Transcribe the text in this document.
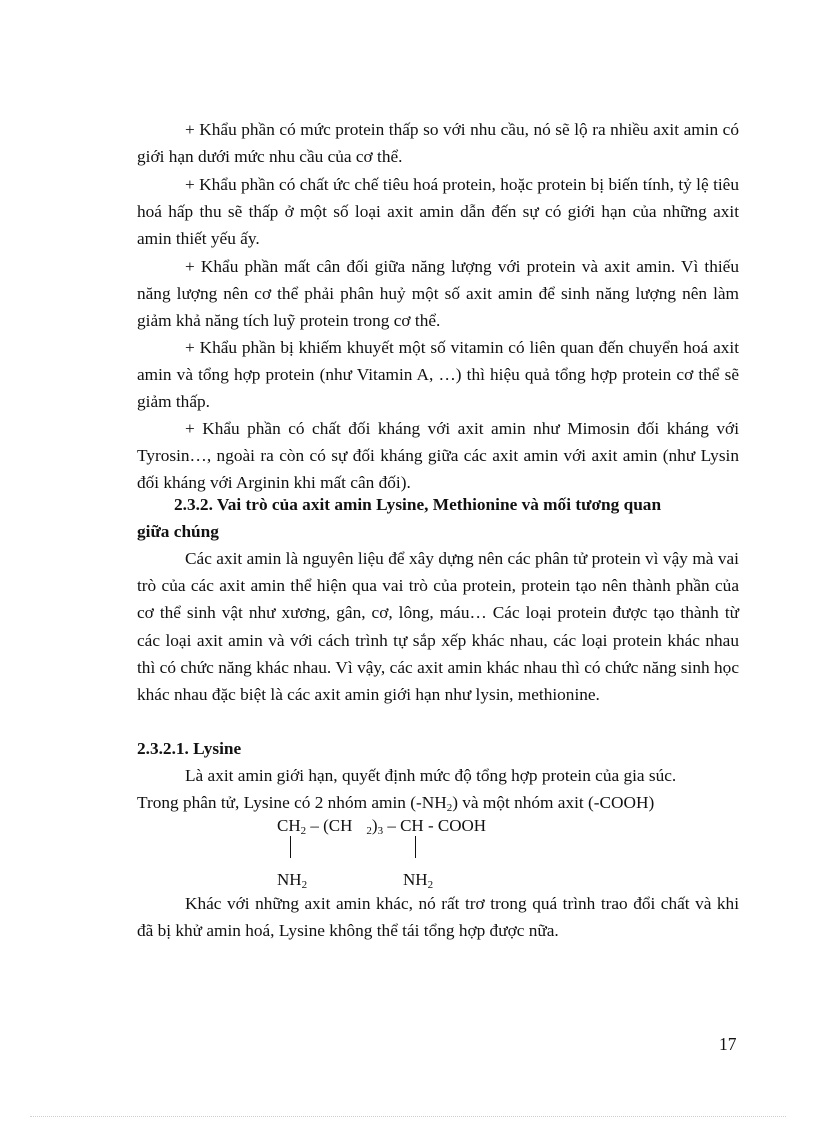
+ Khẩu phần có mức protein thấp so với nhu cầu, nó sẽ lộ ra nhiều axit amin có giới hạn dưới mức nhu cầu của cơ thể.

+ Khẩu phần có chất ức chế tiêu hoá protein, hoặc protein bị biến tính, tỷ lệ tiêu hoá hấp thu sẽ thấp ở một số loại axit amin dẫn đến sự có giới hạn của những axit amin thiết yếu ấy.

+ Khẩu phần mất cân đối giữa năng lượng với protein và axit amin. Vì thiếu năng lượng nên cơ thể phải phân huỷ một số axit amin để sinh năng lượng nên làm giảm khả năng tích luỹ protein trong cơ thể.

+ Khẩu phần bị khiếm khuyết một số vitamin có liên quan đến chuyển hoá axit amin và tổng hợp protein (như Vitamin A, …) thì hiệu quả tổng hợp protein cơ thể sẽ giảm thấp.

+ Khẩu phần có chất đối kháng với axit amin như Mimosin đối kháng với Tyrosin…, ngoài ra còn có sự đối kháng giữa các axit amin với axit amin (như Lysin đối kháng với Arginin khi mất cân đối).

2.3.2. Vai trò của axit amin Lysine, Methionine và mối tương quan
giữa chúng

Các axit amin là nguyên liệu để xây dựng nên các phân tử protein vì vậy mà vai trò của các axit amin thể hiện qua vai trò của protein, protein tạo nên thành phần của cơ thể sinh vật như xương, gân, cơ, lông, máu… Các loại protein được tạo thành từ các loại axit amin và với cách trình tự sắp xếp khác nhau, các loại protein khác nhau thì có chức năng khác nhau. Vì vậy, các axit amin khác nhau thì có chức năng sinh học khác nhau đặc biệt là các axit amin giới hạn như lysin, methionine.

2.3.2.1. Lysine

Là axit amin giới hạn, quyết định mức độ tổng hợp protein của gia súc.

Trong phân tử, Lysine có 2 nhóm amin $(-NH_2)$ và một nhóm axit (-COOH)
$CH_2 - (CH$ $_2)_3$ – CH - COOH
$NH_2$	$NH_2$

Khác với những axit amin khác, nó rất trơ trong quá trình trao đổi chất và khi đã bị khử amin hoá, Lysine không thể tái tổng hợp được nữa.

17
